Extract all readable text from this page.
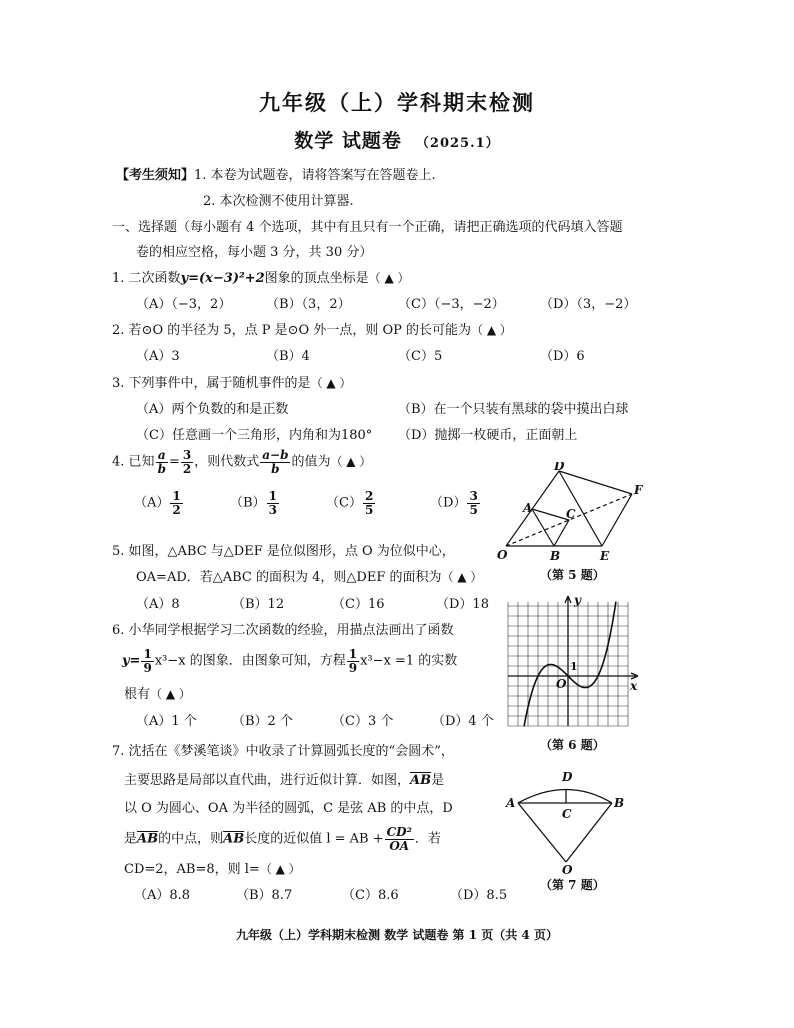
九年级（上）学科期末检测
数学 试题卷 （2025.1）
【考生须知】1. 本卷为试题卷，请将答案写在答题卷上.
2. 本次检测不使用计算器.
一、选择题（每小题有 4 个选项，其中有且只有一个正确，请把正确选项的代码填入答题
卷的相应空格，每小题 3 分，共 30 分）
1. 二次函数y=(x−3)²+2图象的顶点坐标是（ ▲ ）
（A）（−3，2）	（B）（3，2）	（C）（−3，−2）	（D）（3，−2）
2. 若⊙O 的半径为 5，点 P 是⊙O 外一点，则 OP 的长可能为（ ▲ ）
（A）3	（B）4	（C）5	（D）6
3. 下列事件中，属于随机事件的是（ ▲ ）
（A）两个负数的和是正数	（B）在一个只装有黑球的袋中摸出白球
（C）任意画一个三角形，内角和为180° （D）抛掷一枚硬币，正面朝上
4. 已知 $\frac{a}{b} = \frac{3}{2}$ ，则代数式 $\frac{a-b}{b}$ 的值为（ ▲ ）
$(A) \frac{1}{2}$	$(B) \frac{1}{3}$	$(C) \frac{2}{5}$	$(D) \frac{3}{5}$
D
F
A	C
O	B	E
（第 5 题）
5. 如图，△ABC 与△DEF 是位似图形，点 O 为位似中心，
OA=AD．若△ABC 的面积为 4，则△DEF 的面积为（ ▲ ）
（A）8	（B）12	（C）16	（D）18	y
x
O
1
（第 6 题）
6. 小华同学根据学习二次函数的经验，用描点法画出了函数
$y= \frac{1}{9} x^3-x$ 的图象．由图象可知，方程 $\frac{1}{9} x^3-x =1$ 的实数
根有（ ▲ ）
（A）1 个	（B）2 个	（C）3 个	（D）4 个
7. 沈括在《梦溪笔谈》中收录了计算圆弧长度的“会圆术”，
主要思路是局部以直代曲，进行近似计算．如图，$\overline{AB}$是
以 O 为圆心、OA 为半径的圆弧，C 是弦 AB 的中点，D
是$\overline{AB}$的中点，则$\overline{AB}$长度的近似值 l = AB + $\frac{\text{CD²}}{OA}$ ．若
CD=2，AB=8，则 l=（ ▲ ）
（A）8.8	（B）8.7	（C）8.6	（D）8.5
A	B
C
D
O
（第 7 题）
九年级（上）学科期末检测 数学 试题卷 第 1 页（共 4 页）
